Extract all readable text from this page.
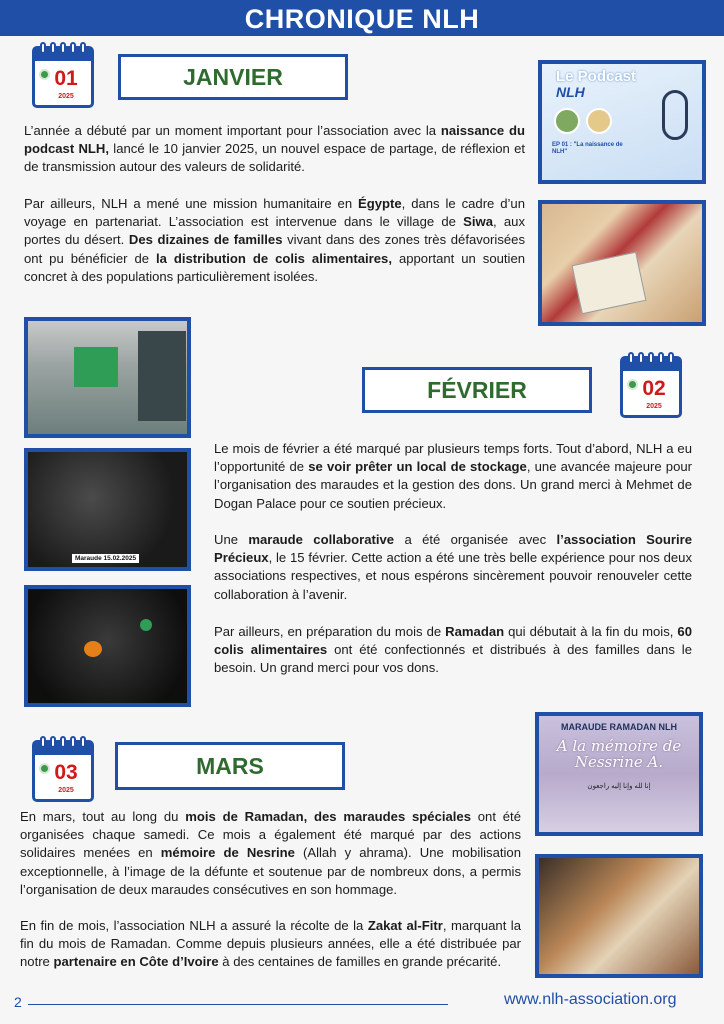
CHRONIQUE NLH
01
2025
JANVIER
L’année a débuté par un moment important pour l’association avec la naissance du podcast NLH, lancé le 10 janvier 2025, un nouvel espace de partage, de réflexion et de transmission autour des valeurs de solidarité.
Par ailleurs, NLH a mené une mission humanitaire en Égypte, dans le cadre d’un voyage en partenariat. L’association est intervenue dans le village de Siwa, aux portes du désert. Des dizaines de familles vivant dans des zones très défavorisées ont pu bénéficier de la distribution de colis alimentaires, apportant un soutien concret à des populations particulièrement isolées.
Le Podcast
NLH
EP 01 : "La naissance de NLH"
Maraude 15.02.2025
FÉVRIER	02
2025
Le mois de février a été marqué par plusieurs temps forts. Tout d’abord, NLH a eu l’opportunité de se voir prêter un local de stockage, une avancée majeure pour l’organisation des maraudes et la gestion des dons. Un grand merci à Mehmet de Dogan Palace pour ce soutien précieux.
Une maraude collaborative a été organisée avec l’association Sourire Précieux, le 15 février. Cette action a été une très belle expérience pour nos deux associations respectives, et nous espérons sincèrement pouvoir renouveler cette collaboration à l’avenir.
Par ailleurs, en préparation du mois de Ramadan qui débutait à la fin du mois, 60 colis alimentaires ont été confectionnés et distribués à des familles dans le besoin. Un grand merci pour vos dons.
03
2025
MARS
MARAUDE RAMADAN NLH
A la mémoire de Nessrine A.
إنا لله وإنا إليه راجعون
En mars, tout au long du mois de Ramadan, des maraudes spéciales ont été organisées chaque samedi. Ce mois a également été marqué par des actions solidaires menées en mémoire de Nesrine (Allah y ahrama). Une mobilisation exceptionnelle, à l’image de la défunte et soutenue par de nombreux dons, a permis l’organisation de deux maraudes consécutives en son hommage.
En fin de mois, l’association NLH a assuré la récolte de la Zakat al-Fitr, marquant la fin du mois de Ramadan. Comme depuis plusieurs années, elle a été distribuée par notre partenaire en Côte d’Ivoire à des centaines de familles en grande précarité.
2	www.nlh-association.org
